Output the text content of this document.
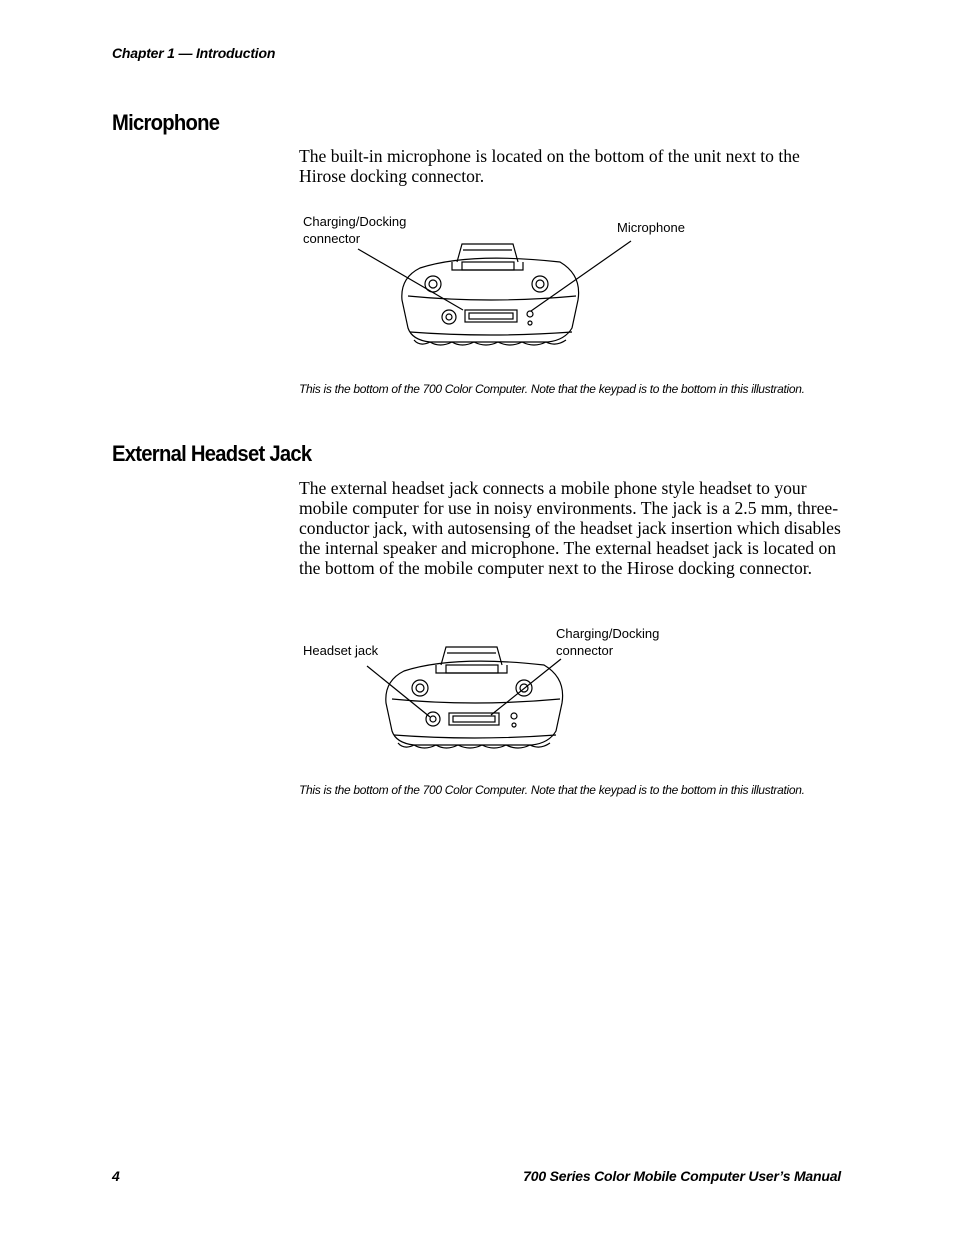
Chapter 1 — Introduction
Microphone

The built-in microphone is located on the bottom of the unit next to the Hirose docking connector.

Charging/Docking connector

Microphone

This is the bottom of the 700 Color Computer. Note that the keypad is to the bottom in this illustration.

External Headset Jack

The external headset jack connects a mobile phone style headset to your mobile computer for use in noisy environments. The jack is a 2.5 mm, three-conductor jack, with autosensing of the headset jack insertion which disables the internal speaker and microphone. The external headset jack is located on the bottom of the mobile computer next to the Hirose docking connector.

Headset jack

Charging/Docking connector

This is the bottom of the 700 Color Computer. Note that the keypad is to the bottom in this illustration.

4	700 Series Color Mobile Computer User’s Manual
